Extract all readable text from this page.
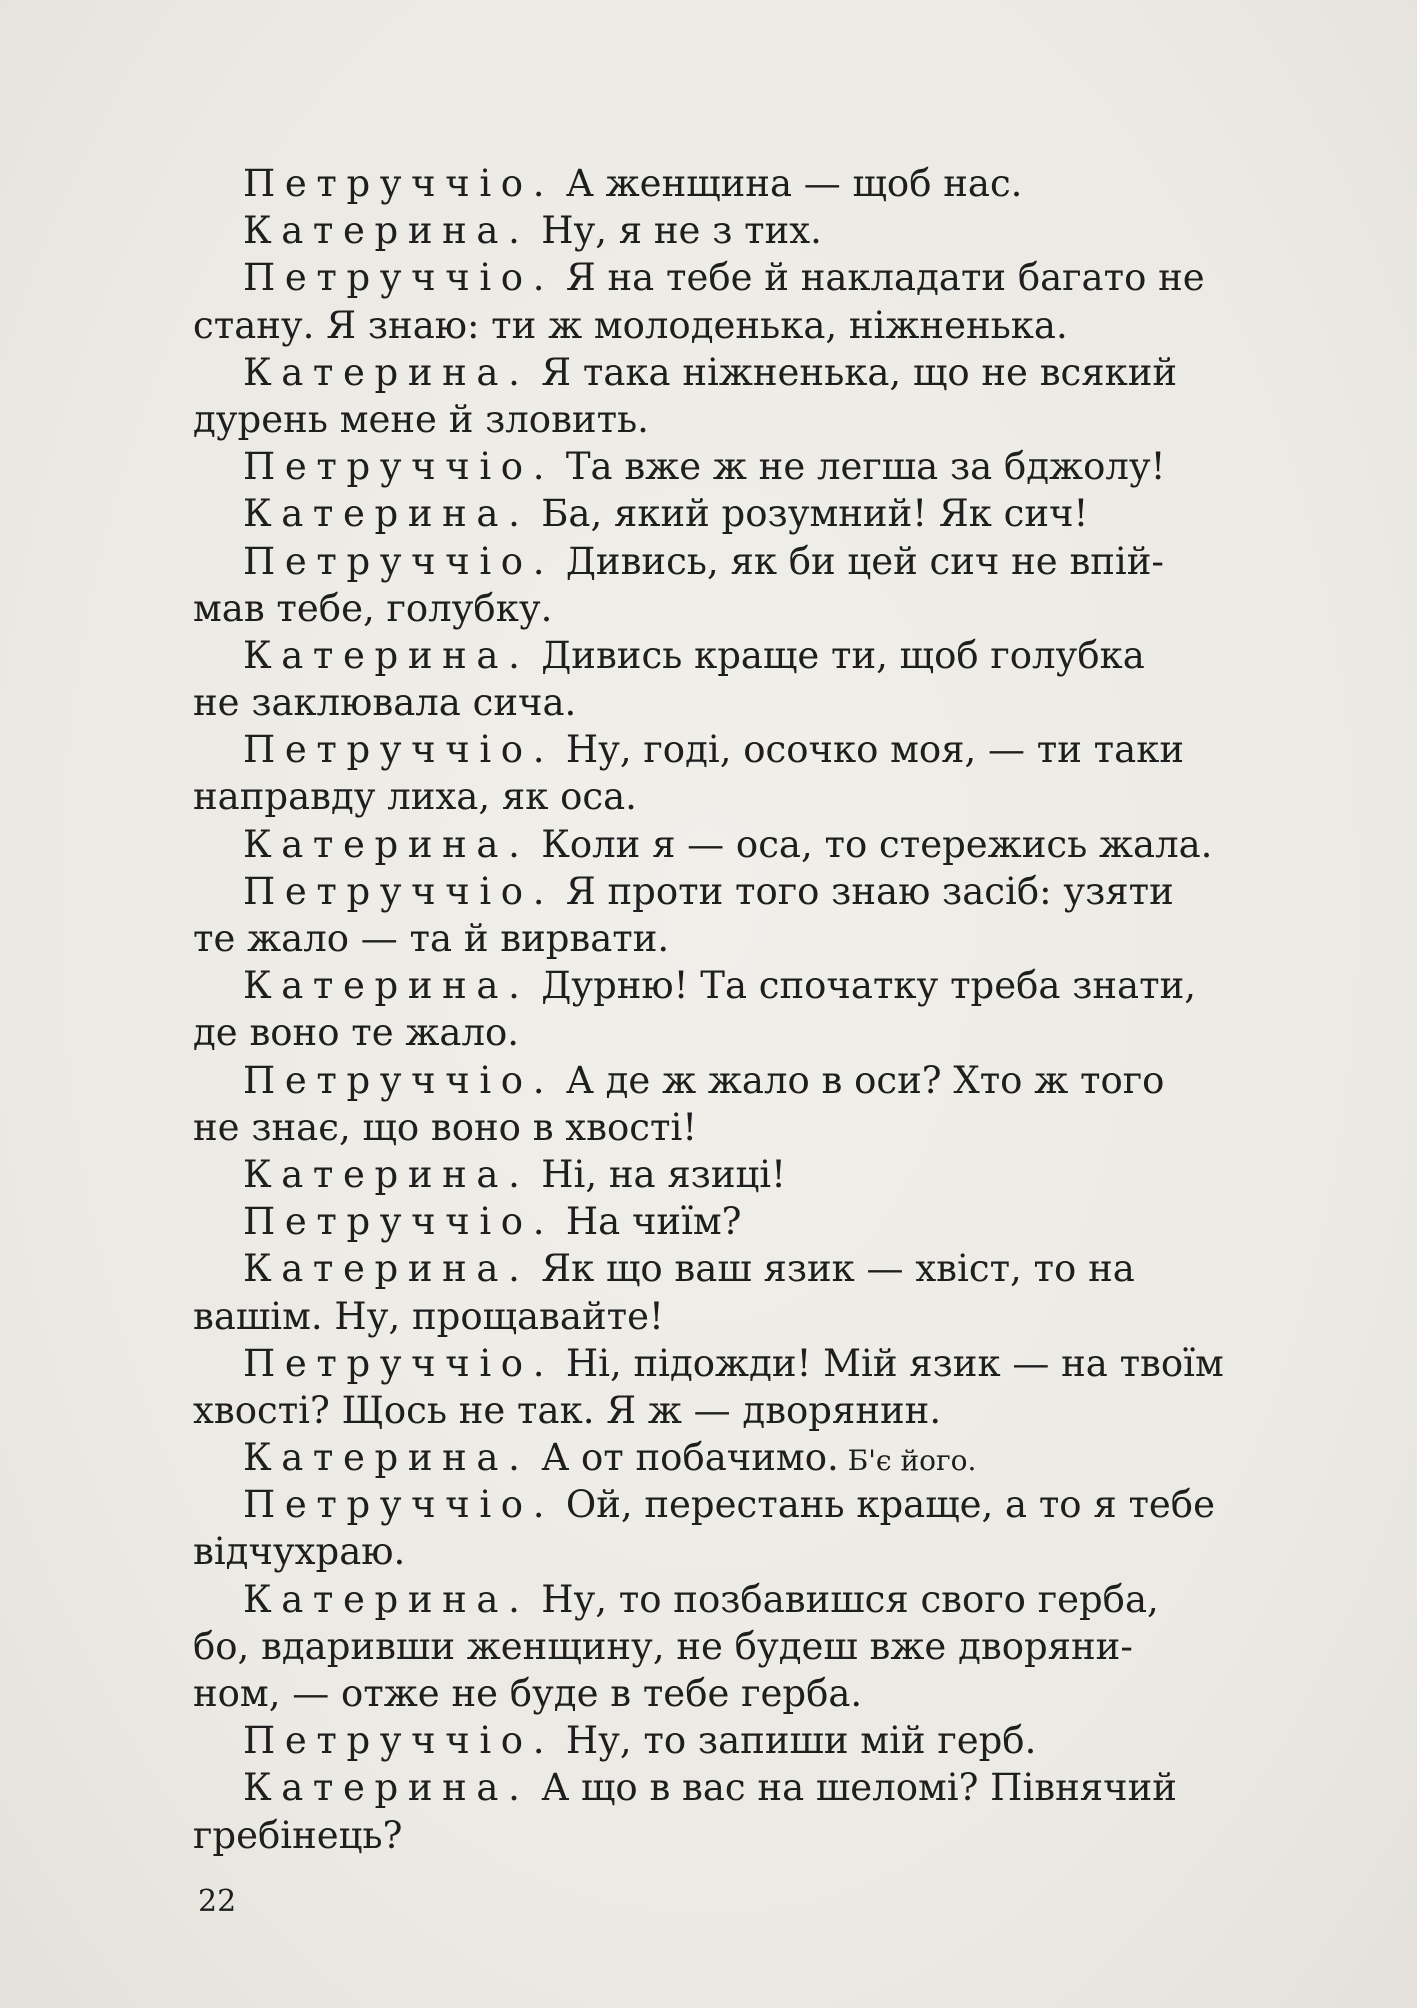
Петруччіо. А женщина — щоб нас.
Катерина. Ну, я не з тих.
Петруччіо. Я на тебе й накладати багато не
стану. Я знаю: ти ж молоденька, ніжненька.
Катерина. Я така ніжненька, що не всякий
дурень мене й зловить.
Петруччіо. Та вже ж не легша за бджолу!
Катерина. Ба, який розумний! Як сич!
Петруччіо. Дивись, як би цей сич не впій-
мав тебе, голубку.
Катерина. Дивись краще ти, щоб голубка
не заклювала сича.
Петруччіо. Ну, годі, осочко моя, — ти таки
направду лиха, як оса.
Катерина. Коли я — оса, то стережись жала.
Петруччіо. Я проти того знаю засіб: узяти
те жало — та й вирвати.
Катерина. Дурню! Та спочатку треба знати,
де воно те жало.
Петруччіо. А де ж жало в оси? Хто ж того
не знає, що воно в хвості!
Катерина. Ні, на язиці!
Петруччіо. На чиїм?
Катерина. Як що ваш язик — хвіст, то на
вашім. Ну, прощавайте!
Петруччіо. Ні, підожди! Мій язик — на твоїм
хвості? Щось не так. Я ж — дворянин.
Катерина. А от побачимо. Б'є його.
Петруччіо. Ой, перестань краще, а то я тебе
відчухраю.
Катерина. Ну, то позбавишся свого герба,
бо, вдаривши женщину, не будеш вже дворяни-
ном, — отже не буде в тебе герба.
Петруччіо. Ну, то запиши мій герб.
Катерина. А що в вас на шеломі? Півнячий
гребінець?
22
